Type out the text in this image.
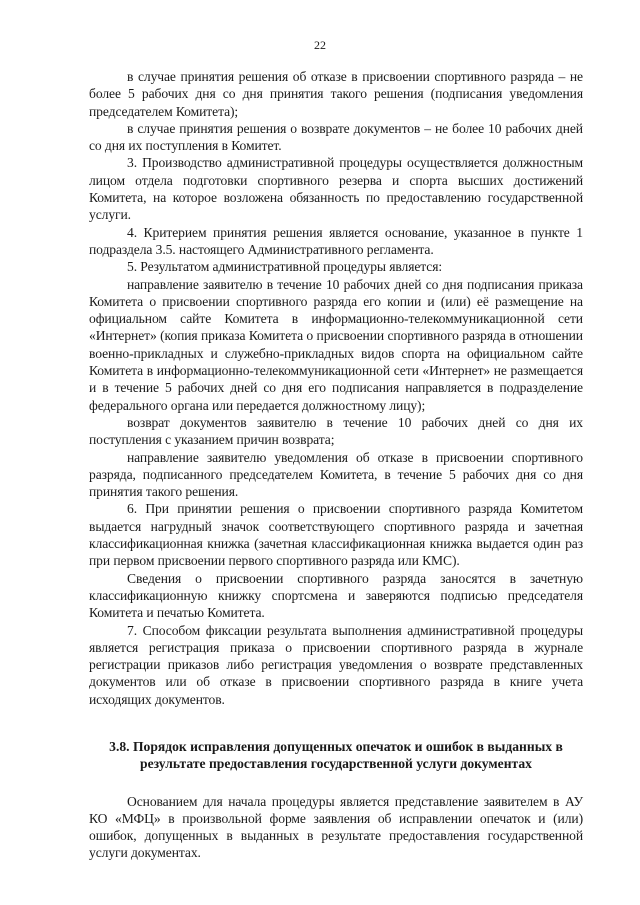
22

в случае принятия решения об отказе в присвоении спортивного разряда – не более 5 рабочих дня со дня принятия такого решения (подписания уведомления председателем Комитета);

в случае принятия решения о возврате документов – не более 10 рабочих дней со дня их поступления в Комитет.

3. Производство административной процедуры осуществляется должностным лицом отдела подготовки спортивного резерва и спорта высших достижений Комитета, на которое возложена обязанность по предоставлению государственной услуги.

4. Критерием принятия решения является основание, указанное в пункте 1 подраздела 3.5. настоящего Административного регламента.

5. Результатом административной процедуры является:

направление заявителю в течение 10 рабочих дней со дня подписания приказа Комитета о присвоении спортивного разряда его копии и (или) её размещение на официальном сайте Комитета в информационно-телекоммуникационной сети «Интернет» (копия приказа Комитета о присвоении спортивного разряда в отношении военно-прикладных и служебно-прикладных видов спорта на официальном сайте Комитета в информационно-телекоммуникационной сети «Интернет» не размещается и в течение 5 рабочих дней со дня его подписания направляется в подразделение федерального органа или передается должностному лицу);

возврат документов заявителю в течение 10 рабочих дней со дня их поступления с указанием причин возврата;

направление заявителю уведомления об отказе в присвоении спортивного разряда, подписанного председателем Комитета, в течение 5 рабочих дня со дня принятия такого решения.

6. При принятии решения о присвоении спортивного разряда Комитетом выдается нагрудный значок соответствующего спортивного разряда и зачетная классификационная книжка (зачетная классификационная книжка выдается один раз при первом присвоении первого спортивного разряда или КМС).

Сведения о присвоении спортивного разряда заносятся в зачетную классификационную книжку спортсмена и заверяются подписью председателя Комитета и печатью Комитета.

7. Способом фиксации результата выполнения административной процедуры является регистрация приказа о присвоении спортивного разряда в журнале регистрации приказов либо регистрация уведомления о возврате представленных документов или об отказе в присвоении спортивного разряда в книге учета исходящих документов.

3.8. Порядок исправления допущенных опечаток и ошибок в выданных в результате предоставления государственной услуги документах

Основанием для начала процедуры является представление заявителем в АУ КО «МФЦ» в произвольной форме заявления об исправлении опечаток и (или) ошибок, допущенных в выданных в результате предоставления государственной услуги документах.
